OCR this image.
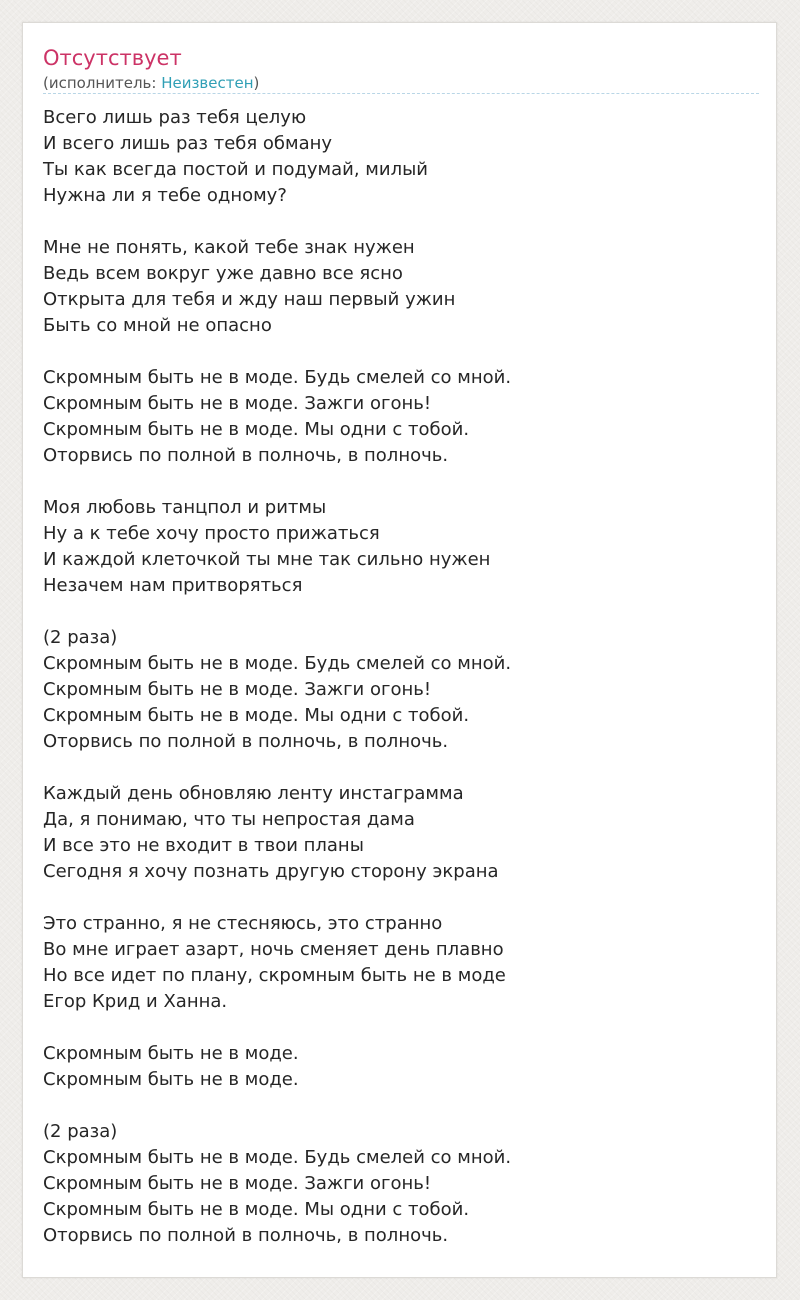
Отсутствует
(исполнитель: Неизвестен)
Всего лишь раз тебя целую
И всего лишь раз тебя обману
Ты как всегда постой и подумай, милый
Нужна ли я тебе одному?
Мне не понять, какой тебе знак нужен
Ведь всем вокруг уже давно все ясно
Открыта для тебя и жду наш первый ужин
Быть со мной не опасно
Скромным быть не в моде. Будь смелей со мной.
Скромным быть не в моде. Зажги огонь!
Скромным быть не в моде. Мы одни с тобой.
Оторвись по полной в полночь, в полночь.
Моя любовь танцпол и ритмы
Ну а к тебе хочу просто прижаться
И каждой клеточкой ты мне так сильно нужен
Незачем нам притворяться
(2 раза)
Скромным быть не в моде. Будь смелей со мной.
Скромным быть не в моде. Зажги огонь!
Скромным быть не в моде. Мы одни с тобой.
Оторвись по полной в полночь, в полночь.
Каждый день обновляю ленту инстаграмма
Да, я понимаю, что ты непростая дама
И все это не входит в твои планы
Сегодня я хочу познать другую сторону экрана
Это странно, я не стесняюсь, это странно
Во мне играет азарт, ночь сменяет день плавно
Но все идет по плану, скромным быть не в моде
Егор Крид и Ханна.
Скромным быть не в моде.
Скромным быть не в моде.
(2 раза)
Скромным быть не в моде. Будь смелей со мной.
Скромным быть не в моде. Зажги огонь!
Скромным быть не в моде. Мы одни с тобой.
Оторвись по полной в полночь, в полночь.
